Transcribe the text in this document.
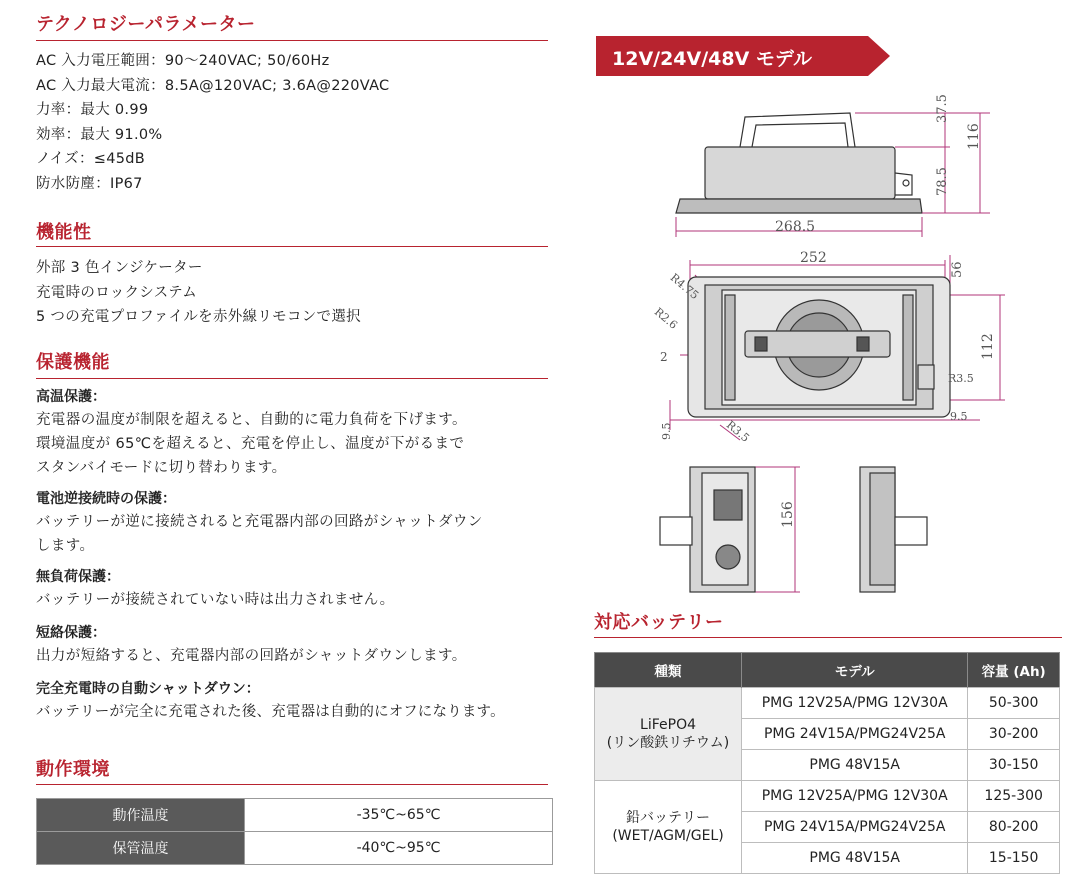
テクノロジーパラメーター
AC 入力電圧範囲：90～240VAC; 50/60Hz
AC 入力最大電流：8.5A@120VAC; 3.6A@220VAC
力率：最大 0.99
効率：最大 91.0%
ノイズ：≤45dB
防水防塵：IP67
機能性
外部 3 色インジケーター
充電時のロックシステム
5 つの充電プロファイルを赤外線リモコンで選択
保護機能
高温保護：
充電器の温度が制限を超えると、自動的に電力負荷を下げます。
環境温度が 65℃を超えると、充電を停止し、温度が下がるまで
スタンバイモードに切り替わります。
電池逆接続時の保護：
バッテリーが逆に接続されると充電器内部の回路がシャットダウン
します。
無負荷保護：
バッテリーが接続されていない時は出力されません。
短絡保護：
出力が短絡すると、充電器内部の回路がシャットダウンします。
完全充電時の自動シャットダウン：
バッテリーが完全に充電された後、充電器は自動的にオフになります。
動作環境
動作温度	-35℃~65℃
保管温度	-40℃~95℃
12V/24V/48V モデル
268.5
37.5
78.5
116
252
56
112
R4.75
R2.6
2
R3.5
R3.5
9.5
9.5
156
対応バッテリー
種類	モデル	容量 (Ah)

LiFePO4
(リン酸鉄リチウム)	PMG 12V25A/PMG 12V30A	50-300
	PMG 24V15A/PMG24V25A	30-200
	PMG 48V15A	30-150

鉛バッテリー
(WET/AGM/GEL)	PMG 12V25A/PMG 12V30A	125-300
	PMG 24V15A/PMG24V25A	80-200
	PMG 48V15A	15-150
